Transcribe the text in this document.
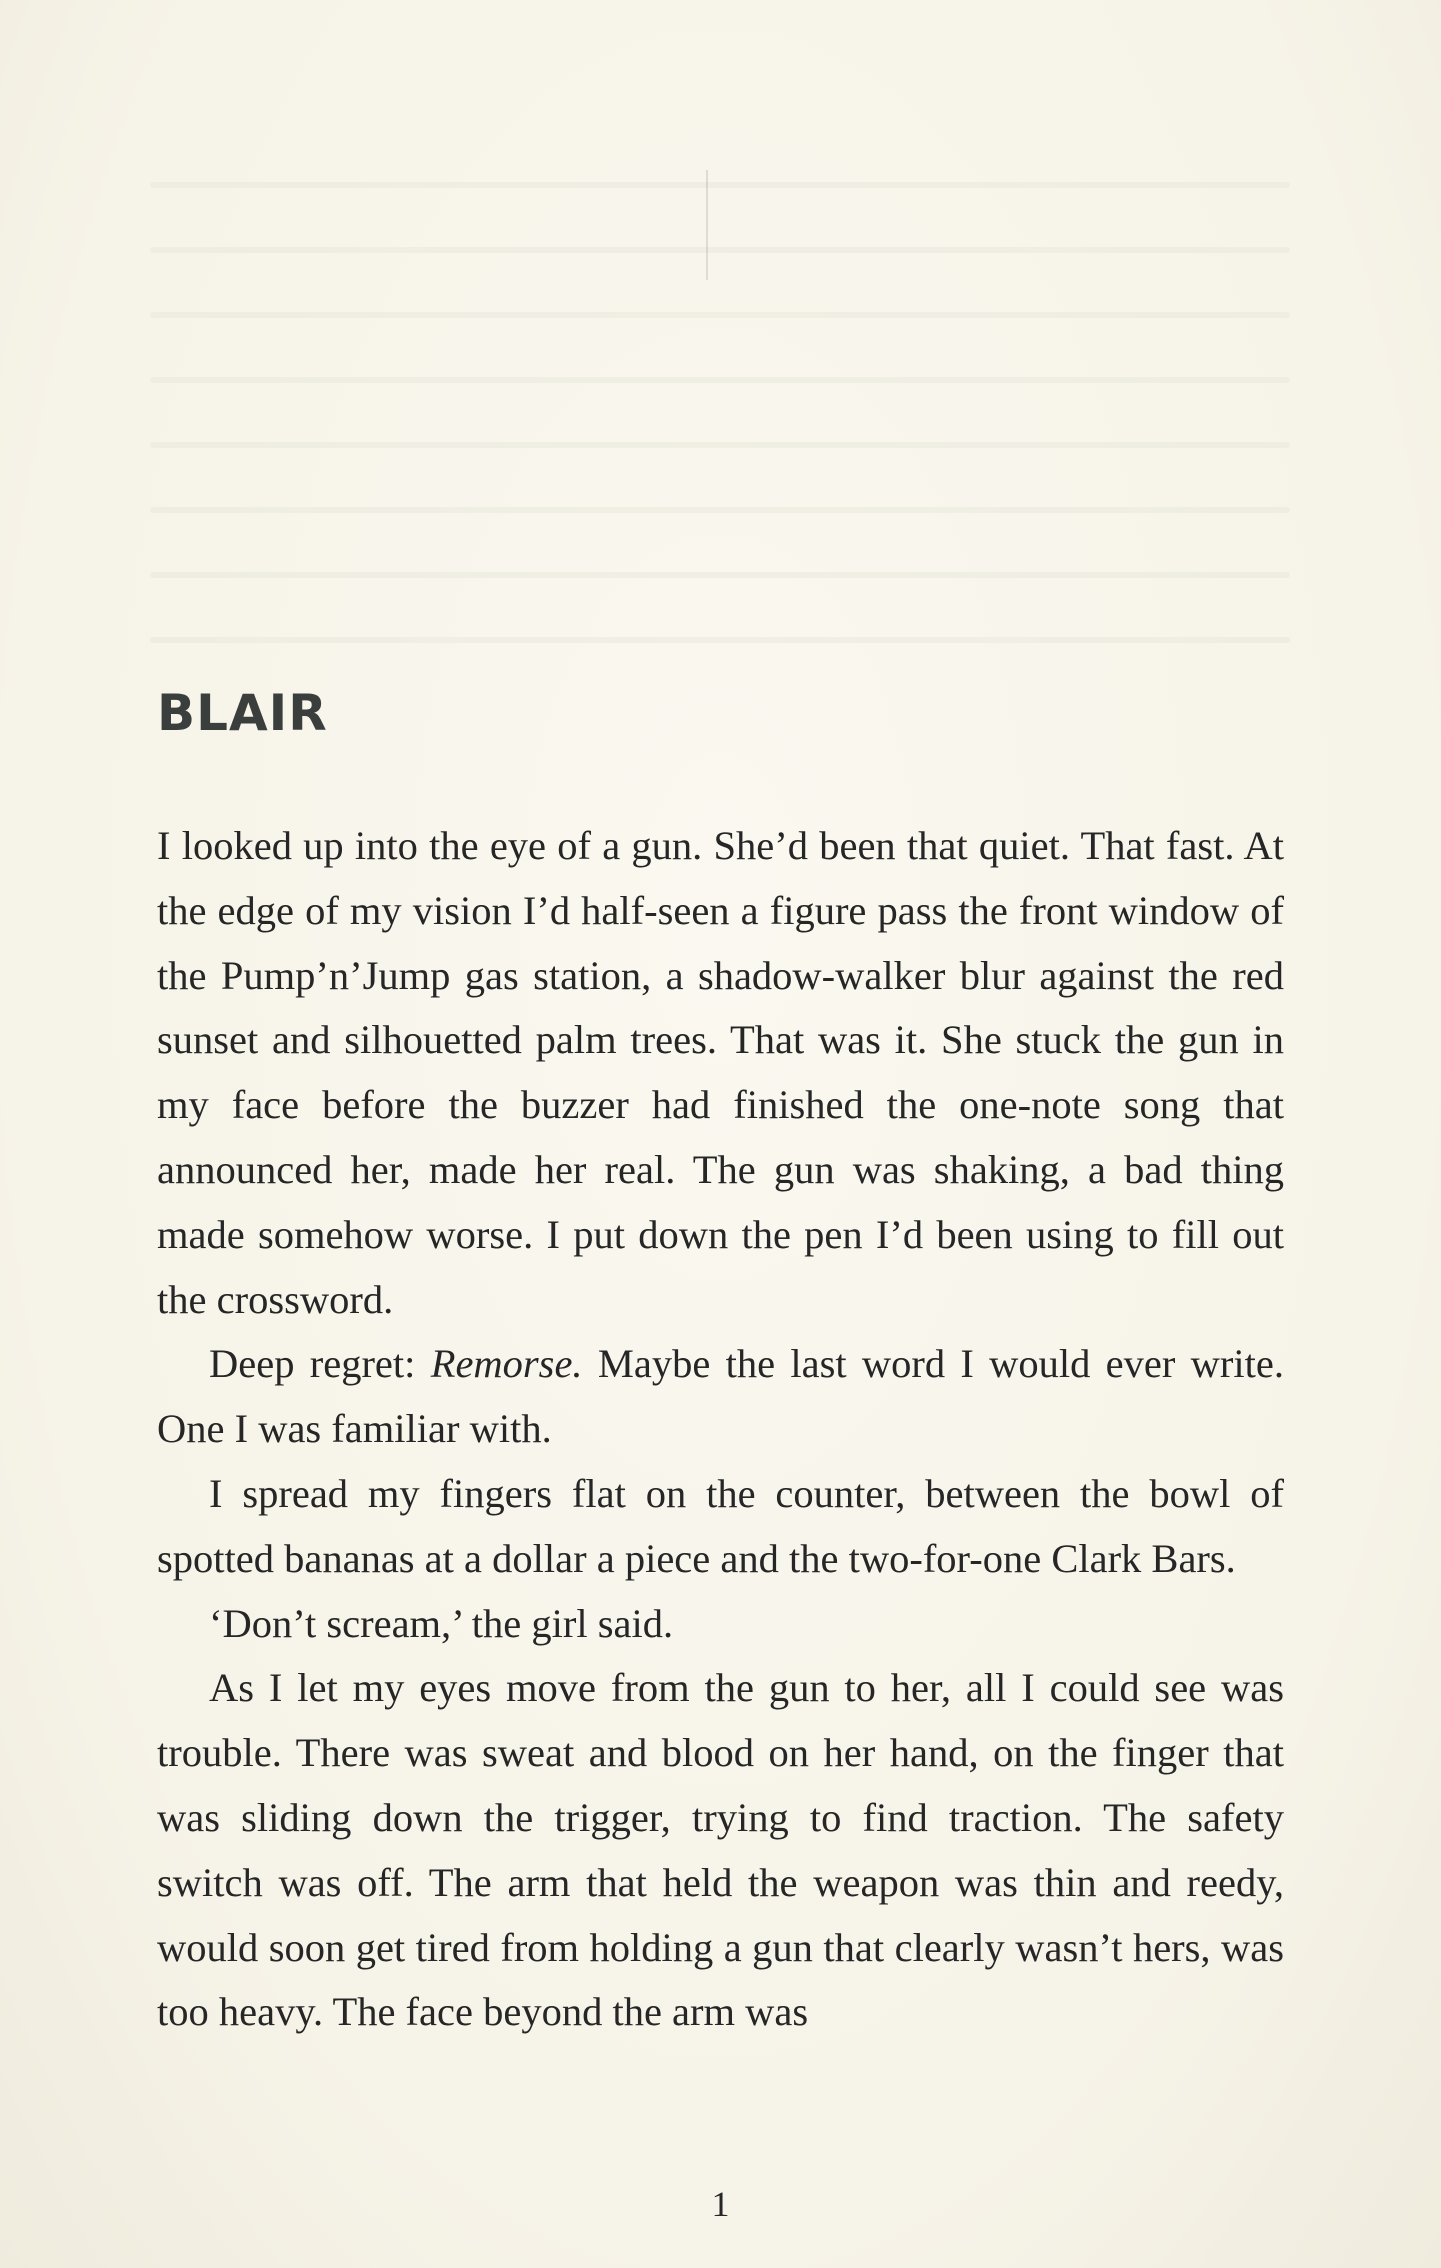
BLAIR

I looked up into the eye of a gun. She’d been that quiet. That fast. At the edge of my vision I’d half-seen a figure pass the front window of the Pump’n’Jump gas station, a shadow-walker blur against the red sunset and silhouetted palm trees. That was it. She stuck the gun in my face before the buzzer had finished the one-note song that announced her, made her real. The gun was shaking, a bad thing made somehow worse. I put down the pen I’d been using to fill out the crossword.

Deep regret: Remorse. Maybe the last word I would ever write. One I was familiar with.

I spread my fingers flat on the counter, between the bowl of spotted bananas at a dollar a piece and the two-for-one Clark Bars.

‘Don’t scream,’ the girl said.

As I let my eyes move from the gun to her, all I could see was trouble. There was sweat and blood on her hand, on the finger that was sliding down the trigger, trying to find traction. The safety switch was off. The arm that held the weapon was thin and reedy, would soon get tired from holding a gun that clearly wasn’t hers, was too heavy. The face beyond the arm was

1
